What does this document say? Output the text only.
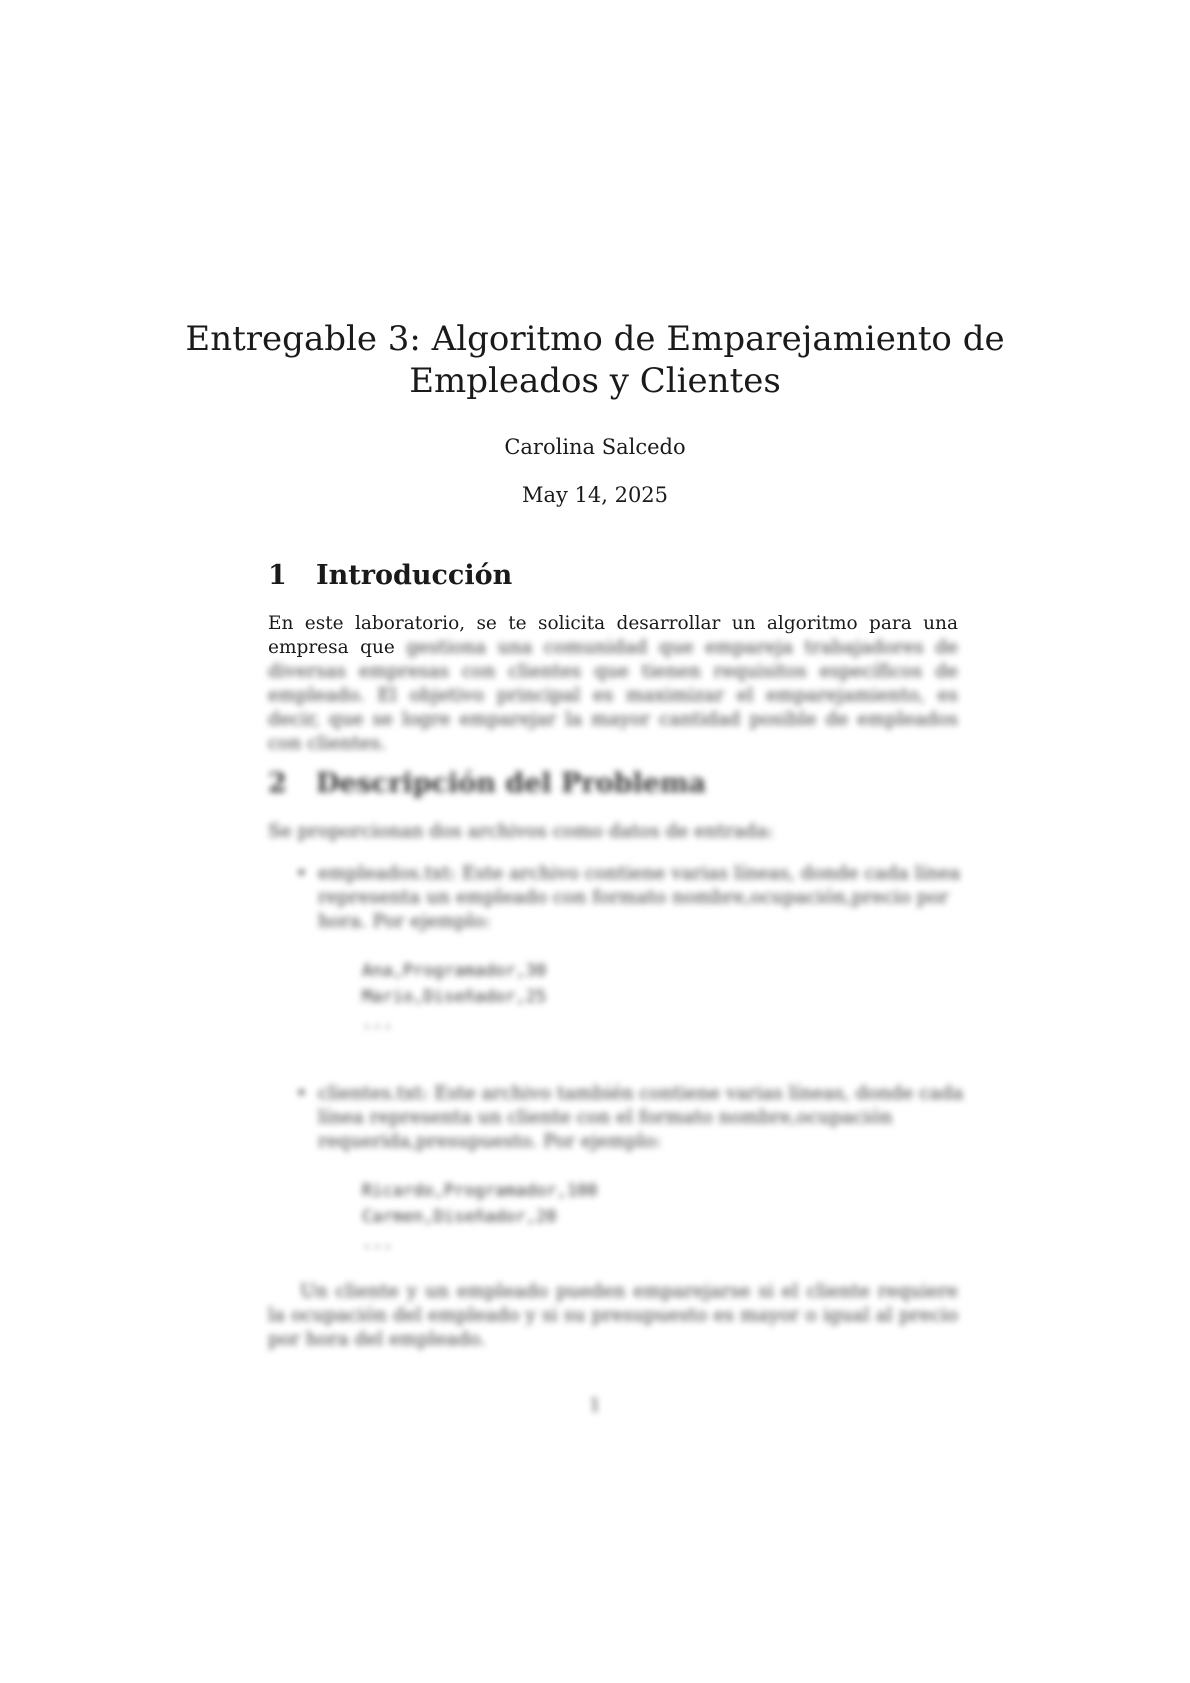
Entregable 3: Algoritmo de Emparejamiento de
Empleados y Clientes

Carolina Salcedo

May 14, 2025

1 Introducción

En este laboratorio, se te solicita desarrollar un algoritmo para una empresa que gestiona una comunidad que empareja trabajadores de diversas empresas con clientes que tienen requisitos específicos de empleado. El objetivo principal es maximizar el emparejamiento, es decir, que se logre emparejar la mayor cantidad posible de empleados con clientes.

2 Descripción del Problema

Se proporcionan dos archivos como datos de entrada:

• empleados.txt: Este archivo contiene varias líneas, donde cada línea representa un empleado con formato nombre,ocupación,precio por hora. Por ejemplo:
Ana,Programador,30
Mario,Diseñador,25
...
• clientes.txt: Este archivo también contiene varias líneas, donde cada línea representa un cliente con el formato nombre,ocupación requerida,presupuesto. Por ejemplo:
Ricardo,Programador,100
Carmen,Diseñador,20
...

Un cliente y un empleado pueden emparejarse si el cliente requiere la ocupación del empleado y si su presupuesto es mayor o igual al precio por hora del empleado.

1
